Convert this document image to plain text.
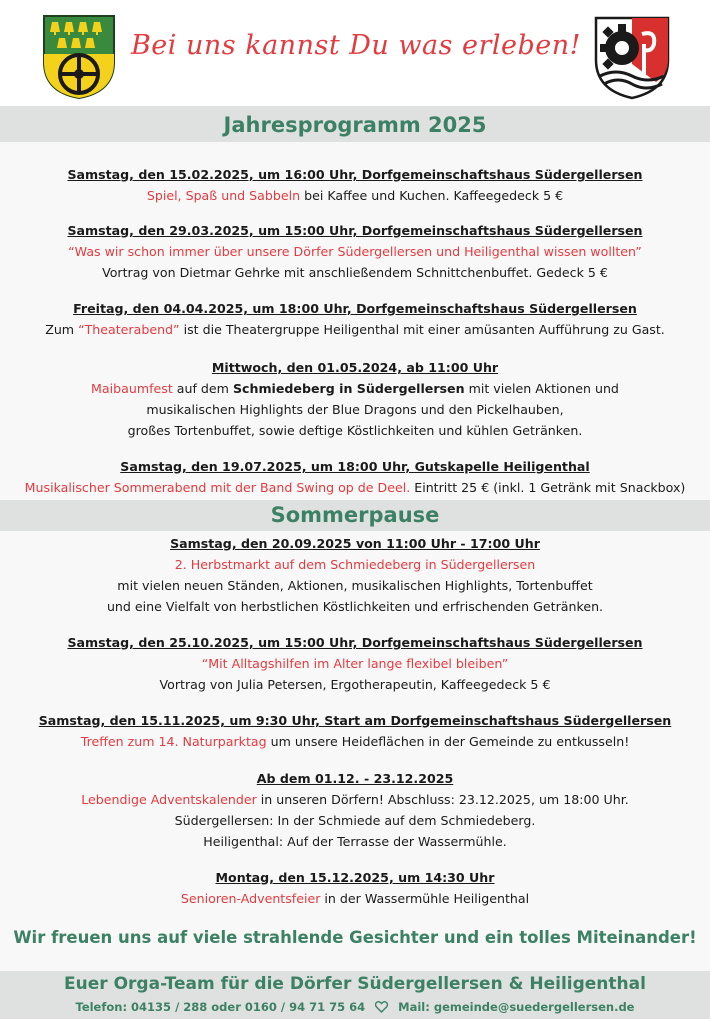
Bei uns kannst Du was erleben!
Jahresprogramm 2025
Samstag, den 15.02.2025, um 16:00 Uhr, Dorfgemeinschaftshaus Südergellersen
Spiel, Spaß und Sabbeln bei Kaffee und Kuchen. Kaffeegedeck 5 €
Samstag, den 29.03.2025, um 15:00 Uhr, Dorfgemeinschaftshaus Südergellersen
“Was wir schon immer über unsere Dörfer Südergellersen und Heiligenthal wissen wollten”
Vortrag von Dietmar Gehrke mit anschließendem Schnittchenbuffet. Gedeck 5 €
Freitag, den 04.04.2025, um 18:00 Uhr, Dorfgemeinschaftshaus Südergellersen
Zum “Theaterabend” ist die Theatergruppe Heiligenthal mit einer amüsanten Aufführung zu Gast.
Mittwoch, den 01.05.2024, ab 11:00 Uhr
Maibaumfest auf dem Schmiedeberg in Südergellersen mit vielen Aktionen und
musikalischen Highlights der Blue Dragons und den Pickelhauben,
großes Tortenbuffet, sowie deftige Köstlichkeiten und kühlen Getränken.
Samstag, den 19.07.2025, um 18:00 Uhr, Gutskapelle Heiligenthal
Musikalischer Sommerabend mit der Band Swing op de Deel. Eintritt 25 € (inkl. 1 Getränk mit Snackbox)
Sommerpause
Samstag, den 20.09.2025 von 11:00 Uhr - 17:00 Uhr
2. Herbstmarkt auf dem Schmiedeberg in Südergellersen
mit vielen neuen Ständen, Aktionen, musikalischen Highlights, Tortenbuffet
und eine Vielfalt von herbstlichen Köstlichkeiten und erfrischenden Getränken.
Samstag, den 25.10.2025, um 15:00 Uhr, Dorfgemeinschaftshaus Südergellersen
“Mit Alltagshilfen im Alter lange flexibel bleiben”
Vortrag von Julia Petersen, Ergotherapeutin, Kaffeegedeck 5 €
Samstag, den 15.11.2025, um 9:30 Uhr, Start am Dorfgemeinschaftshaus Südergellersen
Treffen zum 14. Naturparktag um unsere Heideflächen in der Gemeinde zu entkusseln!
Ab dem 01.12. - 23.12.2025
Lebendige Adventskalender in unseren Dörfern! Abschluss: 23.12.2025, um 18:00 Uhr.
Südergellersen: In der Schmiede auf dem Schmiedeberg.
Heiligenthal: Auf der Terrasse der Wassermühle.
Montag, den 15.12.2025, um 14:30 Uhr
Senioren-Adventsfeier in der Wassermühle Heiligenthal
Wir freuen uns auf viele strahlende Gesichter und ein tolles Miteinander!
Euer Orga-Team für die Dörfer Südergellersen & Heiligenthal
Telefon: 04135 / 288 oder 0160 / 94 71 75 64	Mail: gemeinde@suedergellersen.de
